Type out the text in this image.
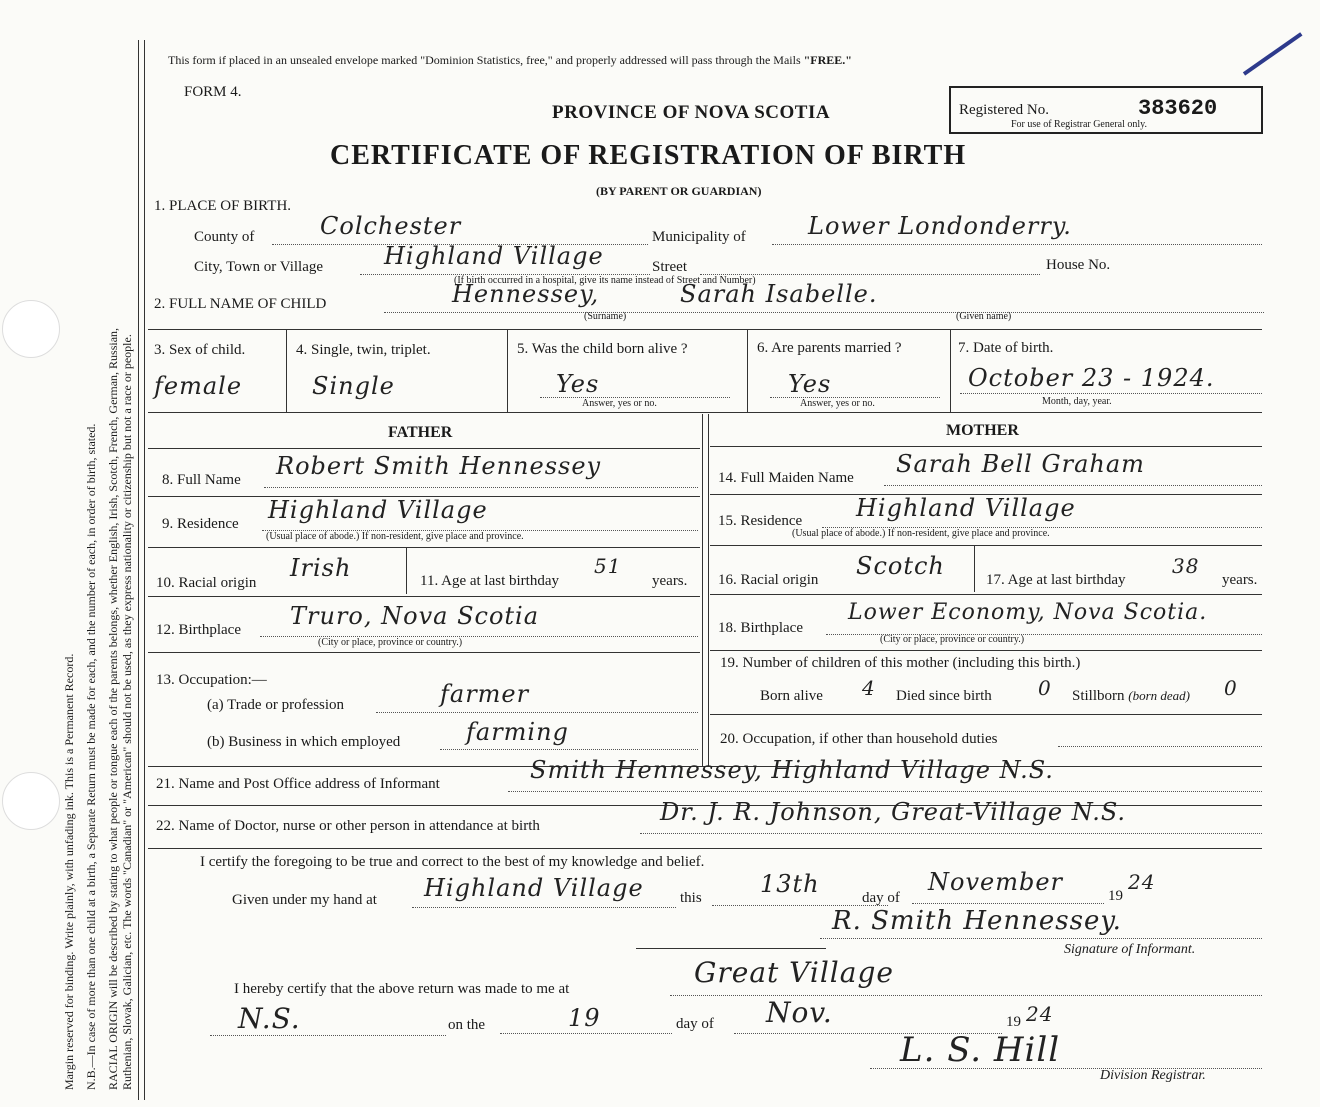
Margin reserved for binding. Write plainly, with unfading ink. This is a Permanent Record. N.B.—In case of more than one child at a birth, a Separate Return must be made for each, and the number of each, in order of birth, stated. RACIAL ORIGIN will be described by stating to what people or tongue each of the parents belongs, whether English, Irish, Scotch, French, German, Russian, Ruthenian, Slovak, Galician, etc. The words "Canadian" or "American" should not be used, as they express nationality or citizenship but not a race or people.
This form if placed in an unsealed envelope marked "Dominion Statistics, free," and properly addressed will pass through the Mails "FREE."
FORM 4.
PROVINCE OF NOVA SCOTIA
CERTIFICATE OF REGISTRATION OF BIRTH
(BY PARENT OR GUARDIAN)
Registered No.	383620
For use of Registrar General only.
1. PLACE OF BIRTH.
County of	Colchester	Municipality of	Lower Londonderry.
City, Town or Village	Highland Village	Street	House No.
(If birth occurred in a hospital, give its name instead of Street and Number)
2. FULL NAME OF CHILD	Hennessey,	Sarah Isabelle.
(Surname)	(Given name)
3. Sex of child.
female
4. Single, twin, triplet.
Single
5. Was the child born alive ?
Yes
Answer, yes or no.
6. Are parents married ?
Yes
Answer, yes or no.
7. Date of birth.
October 23 - 1924.
Month, day, year.
FATHER	MOTHER
8. Full Name Robert Smith Hennessey
9. Residence Highland Village
(Usual place of abode.) If non-resident, give place and province.
10. Racial origin
Irish	11. Age at last birthday
51
years.
12. Birthplace Truro, Nova Scotia
(City or place, province or country.)
13. Occupation:—
(a) Trade or profession	farmer
(b) Business in which employed	farming
14. Full Maiden Name Sarah Bell Graham
15. Residence Highland Village
(Usual place of abode.) If non-resident, give place and province.
16. Racial origin Scotch	17. Age at last birthday
38
years.
18. Birthplace
Lower Economy, Nova Scotia.
(City or place, province or country.)
19. Number of children of this mother (including this birth.)
Born alive 4 Died since birth 0 Stillborn (born dead) 0
20. Occupation, if other than household duties
21. Name and Post Office address of Informant	Smith Hennessey, Highland Village N.S.
22. Name of Doctor, nurse or other person in attendance at birth	Dr. J. R. Johnson, Great-Village N.S.
I certify the foregoing to be true and correct to the best of my knowledge and belief.
Given under my hand at Highland Village this 13th	day of
November	19
24
R. Smith Hennessey.
Signature of Informant.
I hereby certify that the above return was made to me at	Great Village
N.S.	on the	19	day of Nov.	19 24
L. S. Hill
Division Registrar.
